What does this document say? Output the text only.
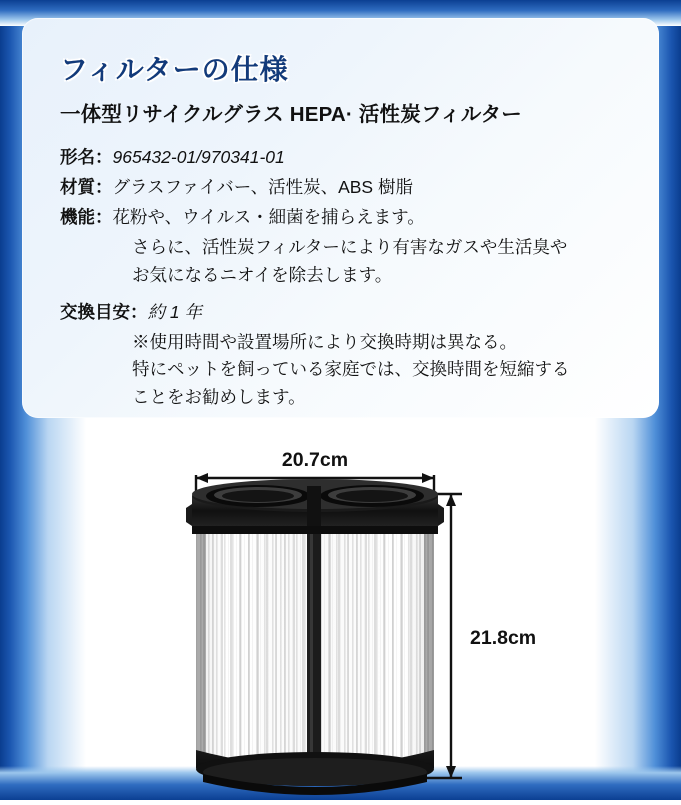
フィルターの仕様
一体型リサイクルグラス HEPA· 活性炭フィルター
形名： 965432-01/970341-01
材質： グラスファイバー、活性炭、ABS 樹脂
機能： 花粉や、ウイルス・細菌を捕らえます。
さらに、活性炭フィルターにより有害なガスや生活臭や
お気になるニオイを除去します。
交換目安： 約 1 年
※使用時間や設置場所により交換時期は異なる。
特にペットを飼っている家庭では、交換時間を短縮する
ことをお勧めします。
20.7cm
21.8cm
